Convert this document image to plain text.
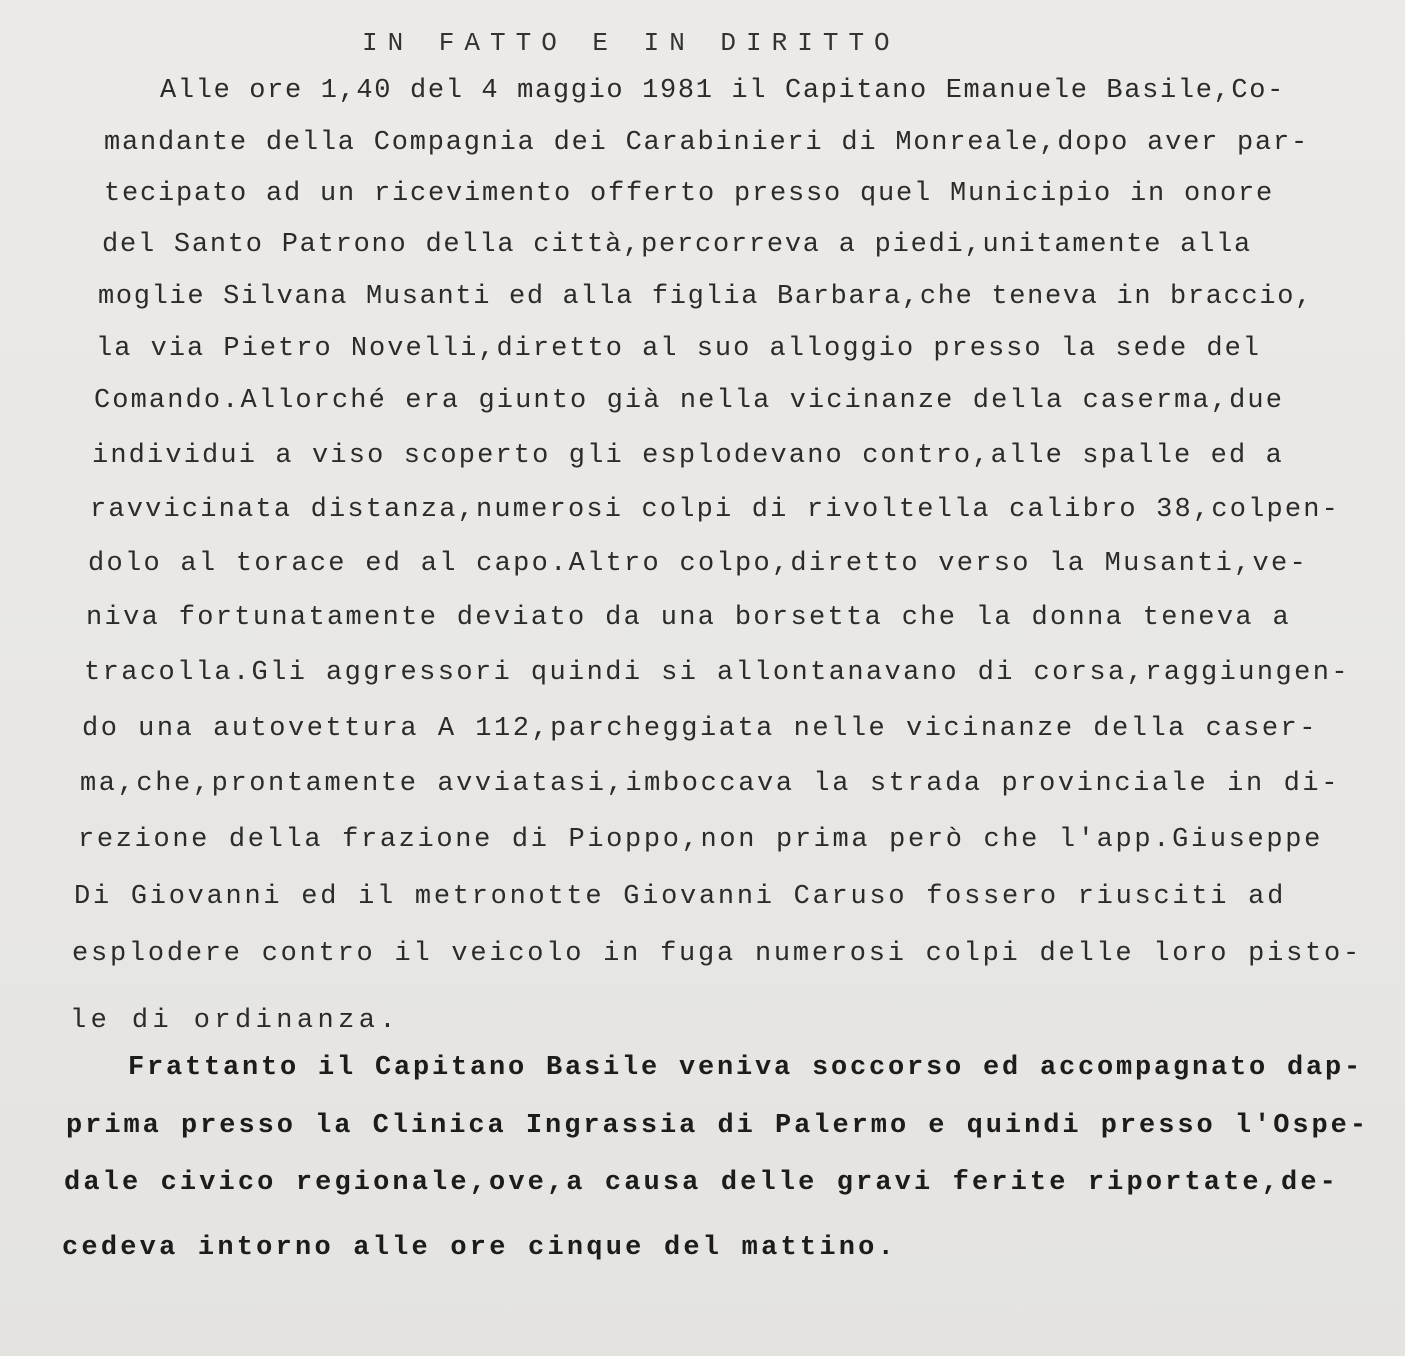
IN FATTO E IN DIRITTO
Alle ore 1,40 del 4 maggio 1981 il Capitano Emanuele Basile,Co-
mandante della Compagnia dei Carabinieri di Monreale,dopo aver par-
tecipato ad un ricevimento offerto presso quel Municipio in onore
del Santo Patrono della città,percorreva a piedi,unitamente alla
moglie Silvana Musanti ed alla figlia Barbara,che teneva in braccio,
la via Pietro Novelli,diretto al suo alloggio presso la sede del
Comando.Allorché era giunto già nella vicinanze della caserma,due
individui a viso scoperto gli esplodevano contro,alle spalle ed a
ravvicinata distanza,numerosi colpi di rivoltella calibro 38,colpen-
dolo al torace ed al capo.Altro colpo,diretto verso la Musanti,ve-
niva fortunatamente deviato da una borsetta che la donna teneva a
tracolla.Gli aggressori quindi si allontanavano di corsa,raggiungen-
do una autovettura A 112,parcheggiata nelle vicinanze della caser-
ma,che,prontamente avviatasi,imboccava la strada provinciale in di-
rezione della frazione di Pioppo,non prima però che l'app.Giuseppe
Di Giovanni ed il metronotte Giovanni Caruso fossero riusciti ad
esplodere contro il veicolo in fuga numerosi colpi delle loro pisto-
le di ordinanza.
Frattanto il Capitano Basile veniva soccorso ed accompagnato dap-
prima presso la Clinica Ingrassia di Palermo e quindi presso l'Ospe-
dale civico regionale,ove,a causa delle gravi ferite riportate,de-
cedeva intorno alle ore cinque del mattino.
